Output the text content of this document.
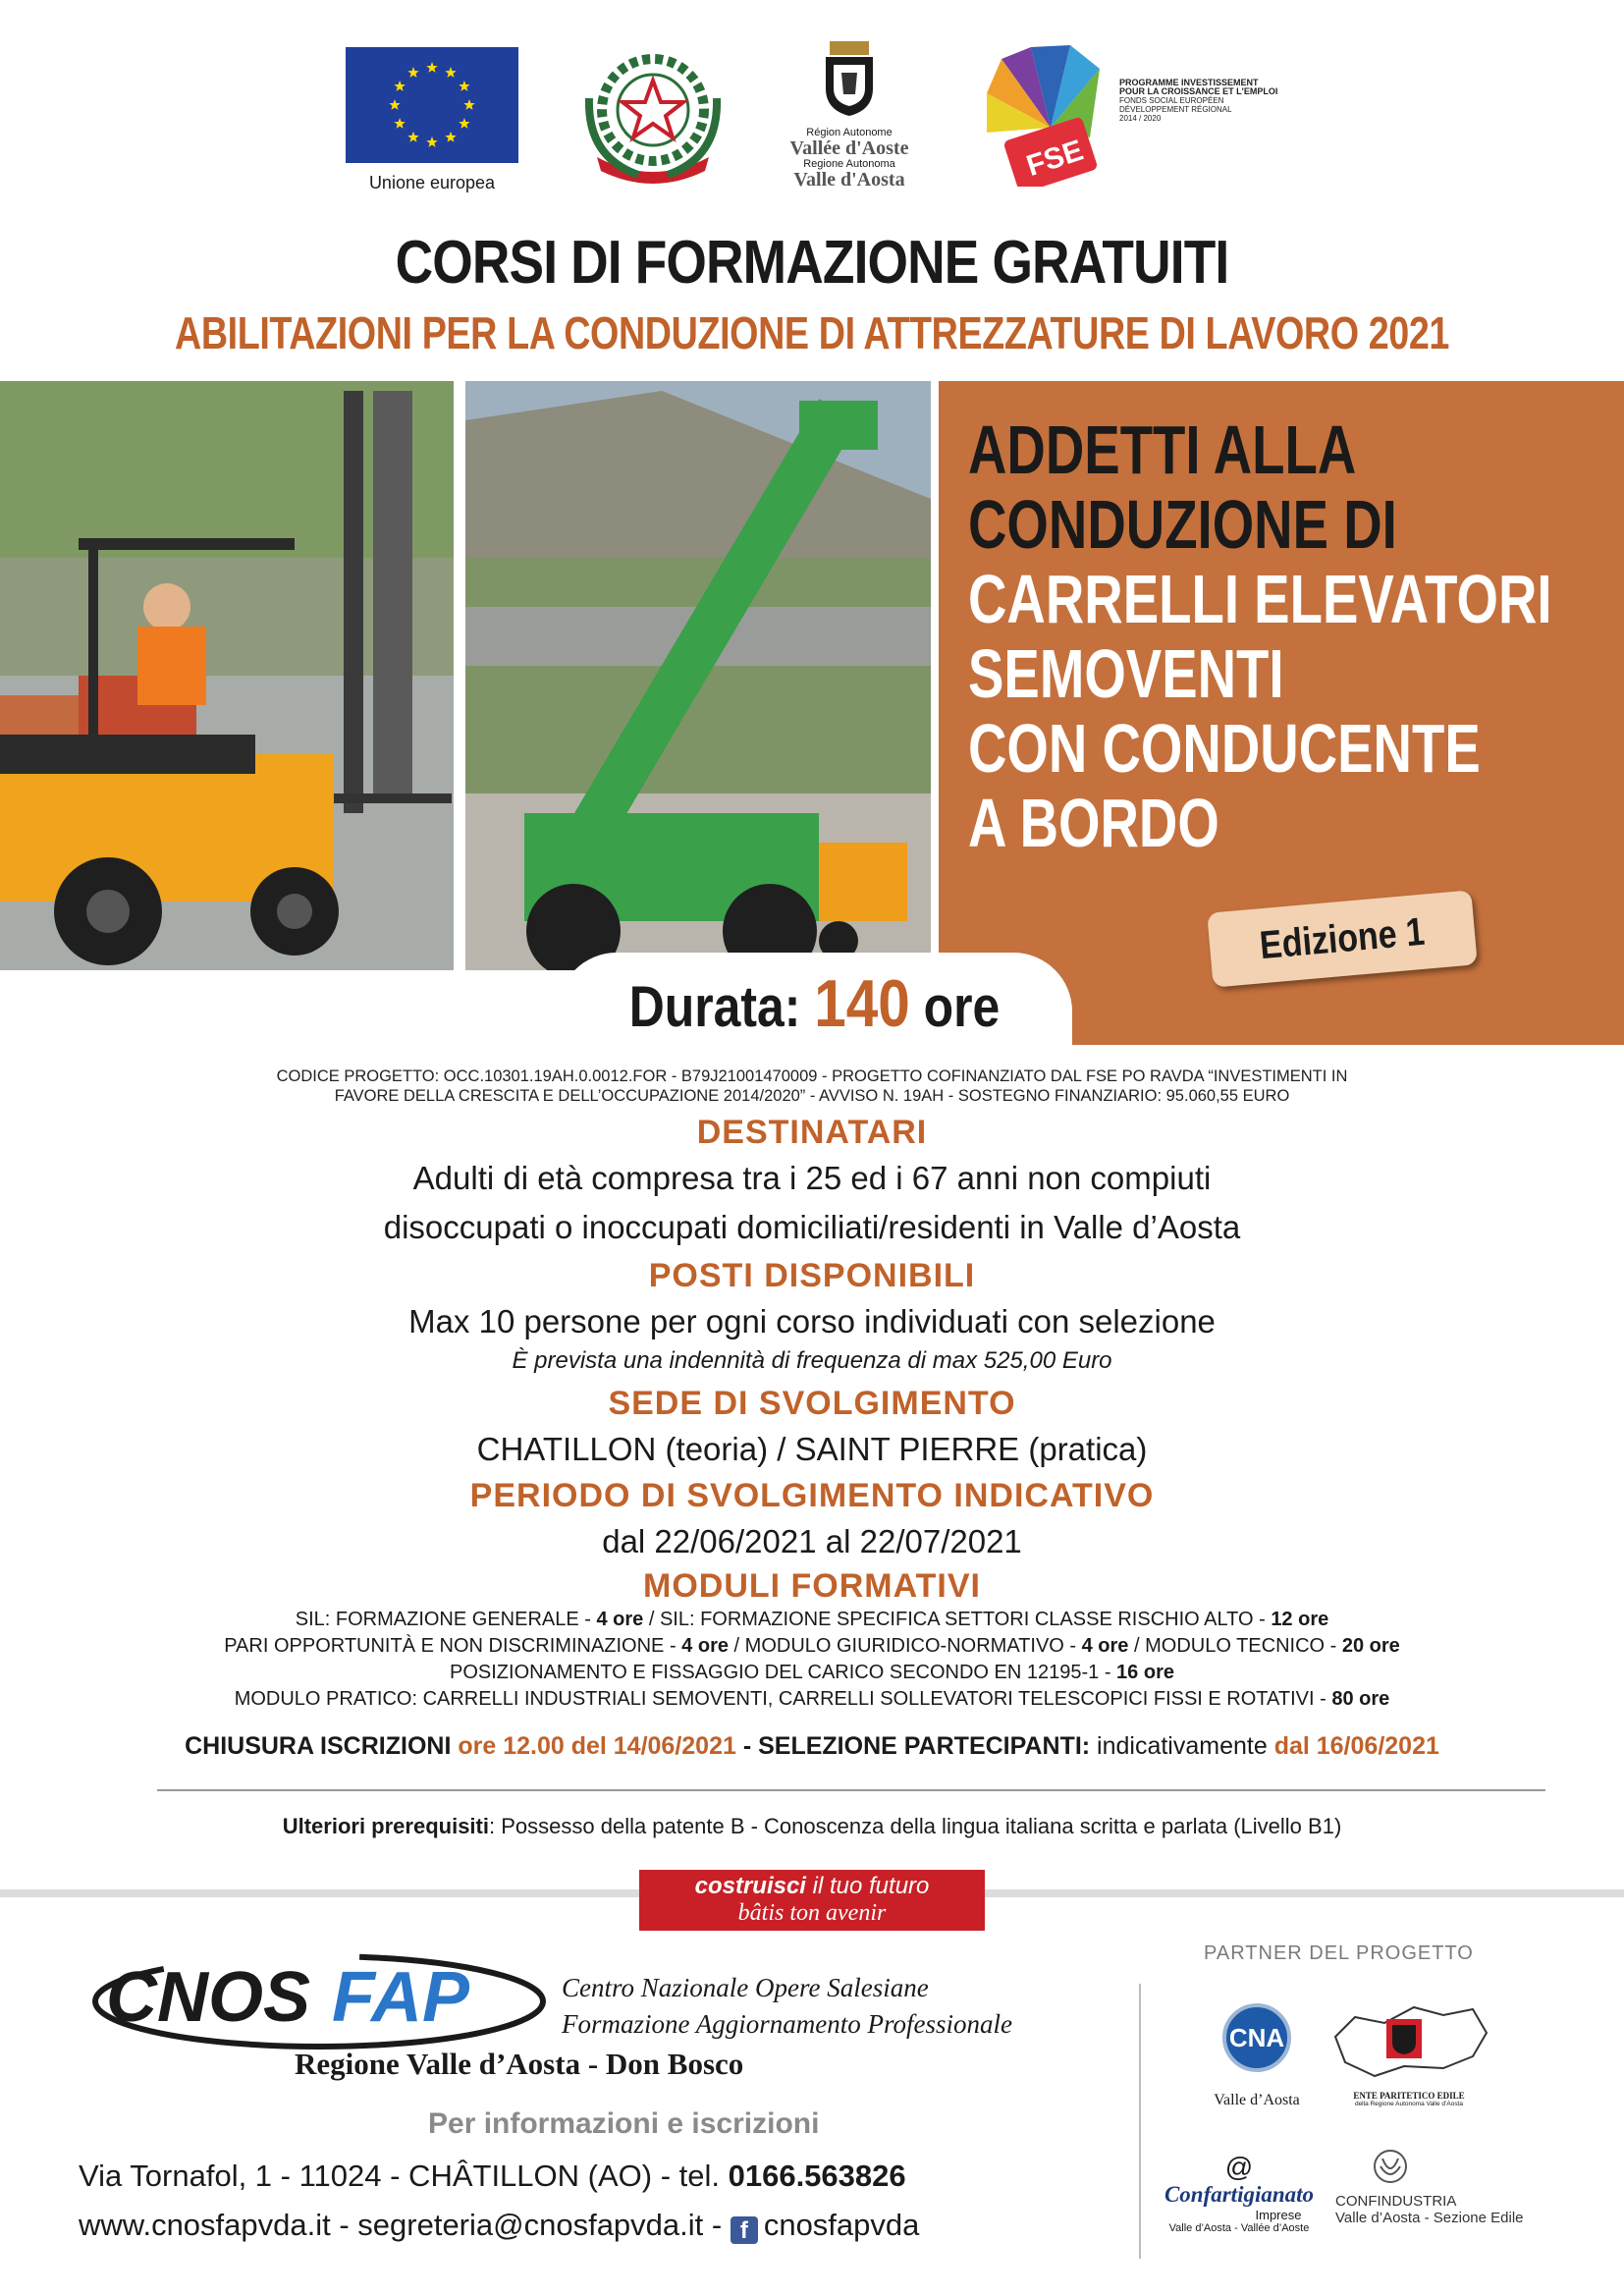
Unione europea
Région Autonome
Vallée d'Aoste
Regione Autonoma
Valle d'Aosta	FSE
PROGRAMME INVESTISSEMENT
POUR LA CROISSANCE ET L'EMPLOI
FONDS SOCIAL EUROPÉEN
DÉVELOPPEMENT RÉGIONAL
2014 / 2020
CORSI DI FORMAZIONE GRATUITI
ABILITAZIONI PER LA CONDUZIONE DI ATTREZZATURE DI LAVORO 2021
ADDETTI ALLA
CONDUZIONE DI
CARRELLI ELEVATORI
SEMOVENTI
CON CONDUCENTE
A BORDO
Edizione 1
Durata: 140 ore
CODICE PROGETTO: OCC.10301.19AH.0.0012.FOR - B79J21001470009 - PROGETTO COFINANZIATO DAL FSE PO RAVDA “INVESTIMENTI IN
FAVORE DELLA CRESCITA E DELL’OCCUPAZIONE 2014/2020” - AVVISO N. 19AH - SOSTEGNO FINANZIARIO: 95.060,55 EURO
DESTINATARI
Adulti di età compresa tra i 25 ed i 67 anni non compiuti
disoccupati o inoccupati domiciliati/residenti in Valle d’Aosta
POSTI DISPONIBILI
Max 10 persone per ogni corso individuati con selezione
È prevista una indennità di frequenza di max 525,00 Euro
SEDE DI SVOLGIMENTO
CHATILLON (teoria) / SAINT PIERRE (pratica)
PERIODO DI SVOLGIMENTO INDICATIVO
dal 22/06/2021 al 22/07/2021
MODULI FORMATIVI
SIL: FORMAZIONE GENERALE - 4 ore / SIL: FORMAZIONE SPECIFICA SETTORI CLASSE RISCHIO ALTO - 12 ore
PARI OPPORTUNITÀ E NON DISCRIMINAZIONE - 4 ore / MODULO GIURIDICO-NORMATIVO - 4 ore / MODULO TECNICO - 20 ore
POSIZIONAMENTO E FISSAGGIO DEL CARICO SECONDO EN 12195-1 - 16 ore
MODULO PRATICO: CARRELLI INDUSTRIALI SEMOVENTI, CARRELLI SOLLEVATORI TELESCOPICI FISSI E ROTATIVI - 80 ore
CHIUSURA ISCRIZIONI ore 12.00 del 14/06/2021 - SELEZIONE PARTECIPANTI: indicativamente dal 16/06/2021
Ulteriori prerequisiti: Possesso della patente B - Conoscenza della lingua italiana scritta e parlata (Livello B1)
costruisci il tuo futuro
bâtis ton avenir
CNOS FAP	Centro Nazionale Opere Salesiane
Formazione Aggiornamento Professionale
Regione Valle d’Aosta - Don Bosco
Per informazioni e iscrizioni
Via Tornafol, 1 - 11024 - CHÂTILLON (AO) - tel. 0166.563826
www.cnosfapvda.it - segreteria@cnosfapvda.it - f cnosfapvda
PARTNER DEL PROGETTO
CNA
Valle d’Aosta	ENTE PARITETICO EDILE
della Regione Autonoma Valle d’Aosta
@
Confartigianato
Imprese
Valle d’Aosta - Vallée d’Aoste
CONFINDUSTRIA
Valle d’Aosta - Sezione Edile
